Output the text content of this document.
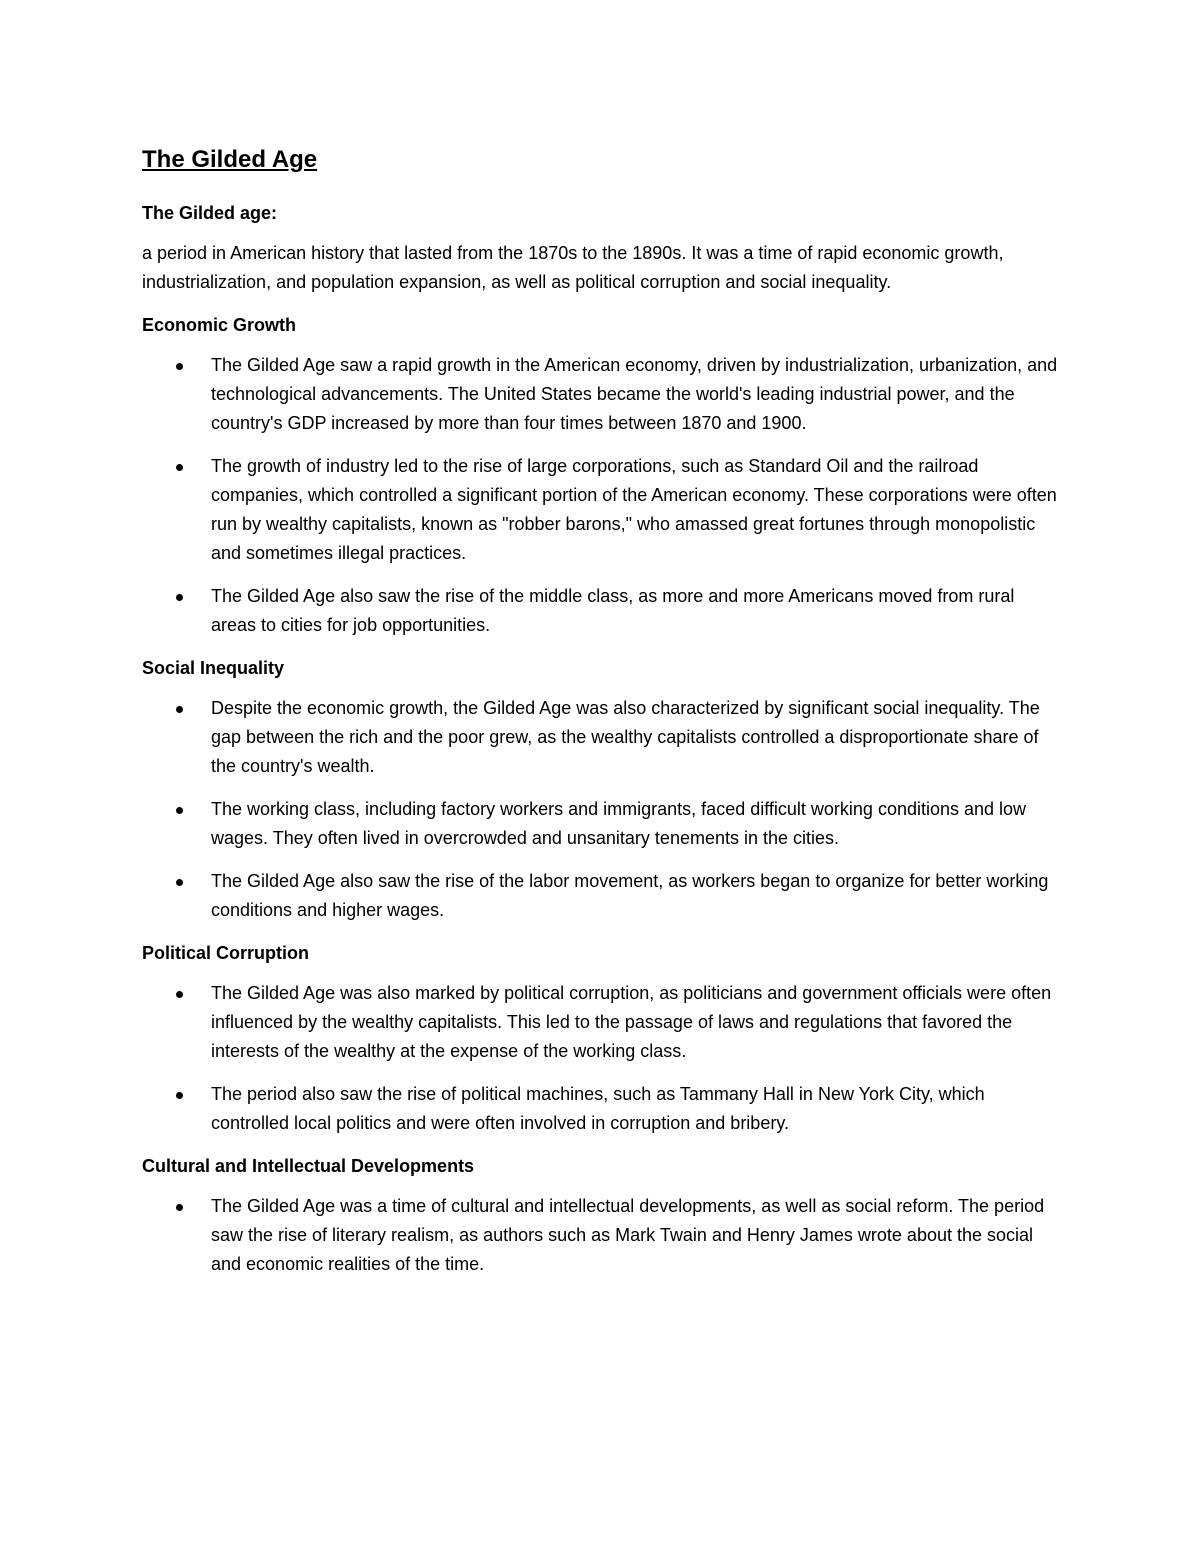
The Gilded Age
The Gilded age:
a period in American history that lasted from the 1870s to the 1890s. It was a time of rapid economic growth, industrialization, and population expansion, as well as political corruption and social inequality.
Economic Growth
The Gilded Age saw a rapid growth in the American economy, driven by industrialization, urbanization, and technological advancements. The United States became the world's leading industrial power, and the country's GDP increased by more than four times between 1870 and 1900.
The growth of industry led to the rise of large corporations, such as Standard Oil and the railroad companies, which controlled a significant portion of the American economy. These corporations were often run by wealthy capitalists, known as "robber barons," who amassed great fortunes through monopolistic and sometimes illegal practices.
The Gilded Age also saw the rise of the middle class, as more and more Americans moved from rural areas to cities for job opportunities.
Social Inequality
Despite the economic growth, the Gilded Age was also characterized by significant social inequality. The gap between the rich and the poor grew, as the wealthy capitalists controlled a disproportionate share of the country's wealth.
The working class, including factory workers and immigrants, faced difficult working conditions and low wages. They often lived in overcrowded and unsanitary tenements in the cities.
The Gilded Age also saw the rise of the labor movement, as workers began to organize for better working conditions and higher wages.
Political Corruption
The Gilded Age was also marked by political corruption, as politicians and government officials were often influenced by the wealthy capitalists. This led to the passage of laws and regulations that favored the interests of the wealthy at the expense of the working class.
The period also saw the rise of political machines, such as Tammany Hall in New York City, which controlled local politics and were often involved in corruption and bribery.
Cultural and Intellectual Developments
The Gilded Age was a time of cultural and intellectual developments, as well as social reform. The period saw the rise of literary realism, as authors such as Mark Twain and Henry James wrote about the social and economic realities of the time.
